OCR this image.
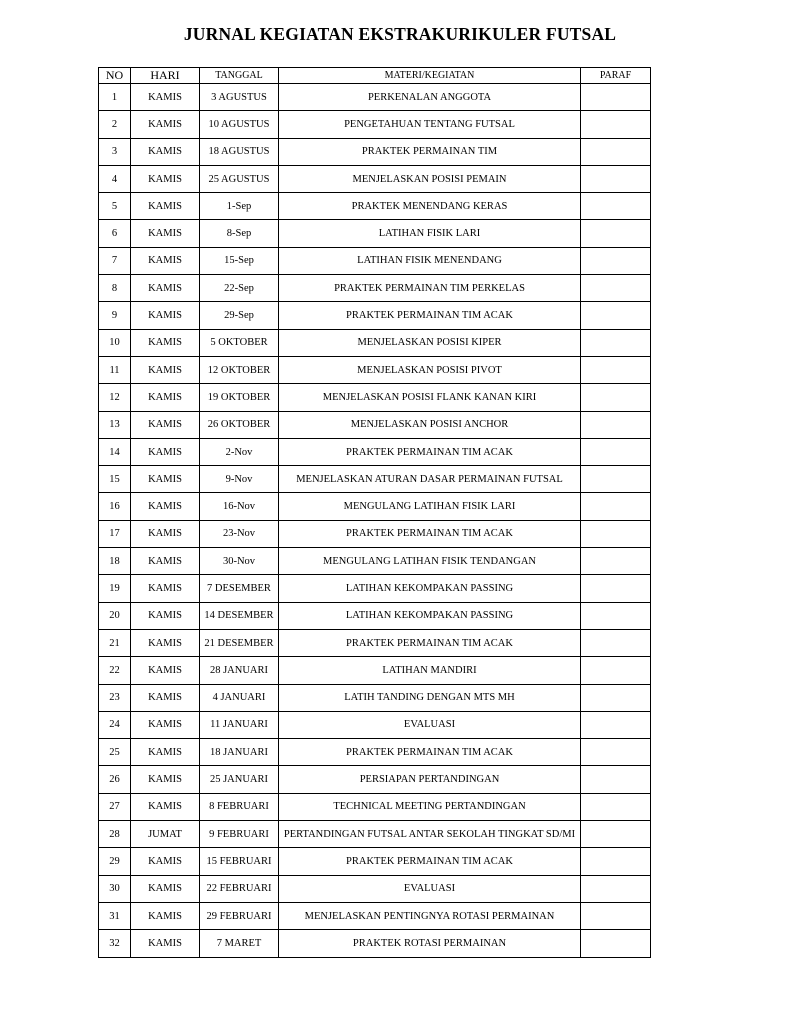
JURNAL KEGIATAN EKSTRAKURIKULER FUTSAL
NO	HARI	TANGGAL	MATERI/KEGIATAN	PARAF
1	KAMIS	3 AGUSTUS	PERKENALAN ANGGOTA	
2	KAMIS	10 AGUSTUS	PENGETAHUAN TENTANG FUTSAL	
3	KAMIS	18 AGUSTUS	PRAKTEK PERMAINAN TIM	
4	KAMIS	25 AGUSTUS	MENJELASKAN POSISI PEMAIN	
5	KAMIS	1-Sep	PRAKTEK MENENDANG KERAS	
6	KAMIS	8-Sep	LATIHAN FISIK LARI	
7	KAMIS	15-Sep	LATIHAN FISIK MENENDANG	
8	KAMIS	22-Sep	PRAKTEK PERMAINAN TIM PERKELAS	
9	KAMIS	29-Sep	PRAKTEK PERMAINAN TIM ACAK	
10	KAMIS	5 OKTOBER	MENJELASKAN POSISI KIPER	
11	KAMIS	12 OKTOBER	MENJELASKAN POSISI PIVOT	
12	KAMIS	19 OKTOBER	MENJELASKAN POSISI FLANK KANAN KIRI	
13	KAMIS	26 OKTOBER	MENJELASKAN POSISI ANCHOR	
14	KAMIS	2-Nov	PRAKTEK PERMAINAN TIM ACAK	
15	KAMIS	9-Nov	MENJELASKAN ATURAN DASAR PERMAINAN FUTSAL	
16	KAMIS	16-Nov	MENGULANG LATIHAN FISIK LARI	
17	KAMIS	23-Nov	PRAKTEK PERMAINAN TIM ACAK	
18	KAMIS	30-Nov	MENGULANG LATIHAN FISIK TENDANGAN	
19	KAMIS	7 DESEMBER	LATIHAN KEKOMPAKAN PASSING	
20	KAMIS	14 DESEMBER	LATIHAN KEKOMPAKAN PASSING	
21	KAMIS	21 DESEMBER	PRAKTEK PERMAINAN TIM ACAK	
22	KAMIS	28 JANUARI	LATIHAN MANDIRI	
23	KAMIS	4 JANUARI	LATIH TANDING DENGAN MTS MH	
24	KAMIS	11 JANUARI	EVALUASI	
25	KAMIS	18 JANUARI	PRAKTEK PERMAINAN TIM ACAK	
26	KAMIS	25 JANUARI	PERSIAPAN PERTANDINGAN	
27	KAMIS	8 FEBRUARI	TECHNICAL MEETING PERTANDINGAN	
28	JUMAT	9 FEBRUARI	PERTANDINGAN FUTSAL ANTAR SEKOLAH TINGKAT SD/MI	
29	KAMIS	15 FEBRUARI	PRAKTEK PERMAINAN TIM ACAK	
30	KAMIS	22 FEBRUARI	EVALUASI	
31	KAMIS	29 FEBRUARI	MENJELASKAN PENTINGNYA ROTASI PERMAINAN	
32	KAMIS	7 MARET	PRAKTEK ROTASI PERMAINAN	
